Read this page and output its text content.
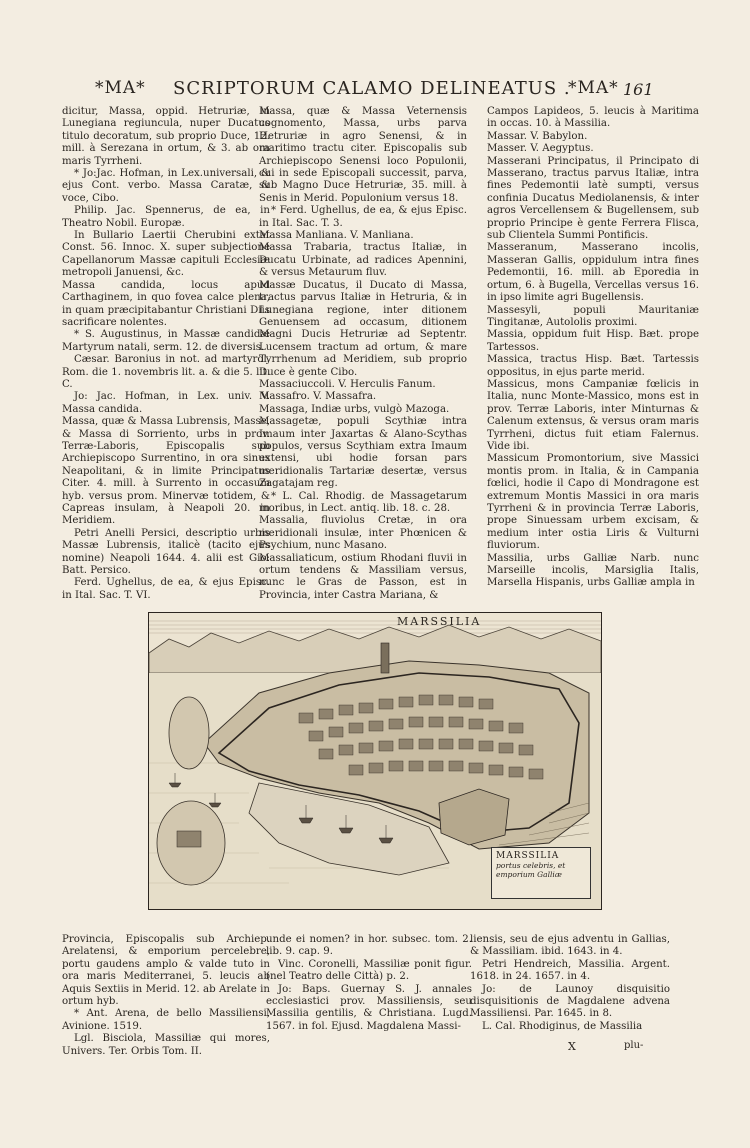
*MA* SCRIPTORUM CALAMO DELINEATUS .
*MA* 161

dicitur, Massa, oppid. Hetruriæ, in Lunegiana regiuncula, nuper Ducatus titulo decoratum, sub proprio Duce, 12. mill. à Serezana in ortum, & 3. ab ora maris Tyrrheni.

* Jo:Jac. Hofman, in Lex.universali, & ejus Cont. verbo. Massa Caratæ, & voce, Cibo.

Philip. Jac. Spennerus, de ea, in Theatro Nobil. Europæ.

In Bullario Laertii Cherubini extat Const. 56. Innoc. X. super subjectione Capellanorum Massæ capituli Ecclesiæ metropoli Januensi, &c.

Massa candida, locus apud Carthaginem, in quo fovea calce plena, in quam præcipitabantur Christiani Diis sacrificare nolentes.

* S. Augustinus, in Massæ candidæ Martyrum natali, serm. 12. de diversis.

Cæsar. Baronius in not. ad martyrol. Rom. die 1. novembris lit. a. & die 5. lit. C.

Jo: Jac. Hofman, in Lex. univ. V. Massa candida.

Massa, quæ & Massa Lubrensis, Masse, & Massa di Sorriento, urbs in prov. Terræ-Laboris, Episcopalis sub Archiepiscopo Surrentino, in ora sinus Neapolitani, & in limite Principatus Citer. 4. mill. à Surrento in occasum hyb. versus prom. Minervæ totidem, & Capreas insulam, à Neapoli 20. in Meridiem.

Petri Anelli Persici, descriptio urbis Massæ Lubrensis, italicè (tacito ejus nomine) Neapoli 1644. 4. alii est Gio: Batt. Persico.

Ferd. Ughellus, de ea, & ejus Episc. in Ital. Sac. T. VI.

Massa, quæ & Massa Veternensis cognomento, Massa, urbs parva Hetruriæ in agro Senensi, & in maritimo tractu citer. Episcopalis sub Archiepiscopo Senensi loco Populonii, cui in sede Episcopali successit, parva, sub Magno Duce Hetruriæ, 35. mill. à Senis in Merid. Populonium versus 18.

* Ferd. Ughellus, de ea, & ejus Episc. in Ital. Sac. T. 3.

Massa Manliana. V. Manliana.

Massa Trabaria, tractus Italiæ, in Ducatu Urbinate, ad radices Apennini, & versus Metaurum fluv.

Massæ Ducatus, il Ducato di Massa, tractus parvus Italiæ in Hetruria, & in Lunegiana regione, inter ditionem Genuensem ad occasum, ditionem Magni Ducis Hetruriæ ad Septentr. Lucensem tractum ad ortum, & mare Tyrrhenum ad Meridiem, sub proprio Duce è gente Cibo.

Massaciuccoli. V. Herculis Fanum.

Massafro. V. Massafra.

Massaga, Indiæ urbs, vulgò Mazoga.

Massagetæ, populi Scythiæ intra Imaum inter Jaxartas & Alano-Scythas populos, versus Scythiam extra Imaum extensi, ubi hodie forsan pars meridionalis Tartariæ desertæ, versus Zagatajam reg.

* L. Cal. Rhodig. de Massagetarum moribus, in Lect. antiq. lib. 18. c. 28.

Massalia, fluviolus Cretæ, in ora meridionali insulæ, inter Phœnicen & Psychium, nunc Masano.

Massaliaticum, ostium Rhodani fluvii in ortum tendens & Massiliam versus, nunc le Gras de Passon, est in Provincia, inter Castra Mariana, &

Campos Lapideos, 5. leucis à Maritima in occas. 10. à Massilia.

Massar. V. Babylon.

Masser. V. Aegyptus.

Masserani Principatus, il Principato di Masserano, tractus parvus Italiæ, intra fines Pedemontii latè sumpti, versus confinia Ducatus Mediolanensis, & inter agros Vercellensem & Bugellensem, sub proprio Principe è gente Ferrera Flisca, sub Clientela Summi Pontificis.

Masseranum, Masserano incolis, Masseran Gallis, oppidulum intra fines Pedemontii, 16. mill. ab Eporedia in ortum, 6. à Bugella, Vercellas versus 16. in ipso limite agri Bugellensis.

Massesyli, populi Mauritaniæ Tingitanæ, Autololis proximi.

Massia, oppidum fuit Hisp. Bæt. prope Tartessos.

Massica, tractus Hisp. Bæt. Tartessis oppositus, in ejus parte merid.

Massicus, mons Campaniæ fœlicis in Italia, nunc Monte-Massico, mons est in prov. Terræ Laboris, inter Minturnas & Calenum extensus, & versus oram maris Tyrrheni, dictus fuit etiam Falernus. Vide ibi.

Massicum Promontorium, sive Massici montis prom. in Italia, & in Campania fœlici, hodie il Capo di Mondragone est extremum Montis Massici in ora maris Tyrrheni & in provincia Terræ Laboris, prope Sinuessam urbem excisam, & medium inter ostia Liris & Vulturni fluviorum.

Massilia, urbs Galliæ Narb. nunc Marseille incolis, Marsiglia Italis, Marsella Hispanis, urbs Galliæ ampla in

MARSSILIA
MARSSILIA
portus celebris, et emporium Galliæ

Provincia, Episcopalis sub Archiep. Arelatensi, & emporium percelebre, portu gaudens amplo & valde tuto in ora maris Mediterranei, 5. leucis ab Aquis Sextiis in Merid. 12. ab Arelate in ortum hyb.

* Ant. Arena, de bello Massiliensi, Avinione. 1519.

Lgl. Bisciola, Massiliæ qui mores, Univers. Ter. Orbis Tom. II.

unde ei nomen? in hor. subsec. tom. 2. lib. 9. cap. 9.

Vinc. Coronelli, Massiliæ ponit figur. (nel Teatro delle Città) p. 2.

Jo: Baps. Guernay S. J. annales ecclesiastici prov. Massiliensis, seu Massilia gentilis, & Christiana. Lugd. 1567. in fol. Ejusd. Magdalena Massi-

liensis, seu de ejus adventu in Gallias, & Massiliam. ibid. 1643. in 4.

Petri Hendreich, Massilia. Argent. 1618. in 24. 1657. in 4.

Jo: de Launoy disquisitio disquisitionis de Magdalene advena Massiliensi. Par. 1645. in 8.

L. Cal. Rhodiginus, de Massilia

X	plu-
